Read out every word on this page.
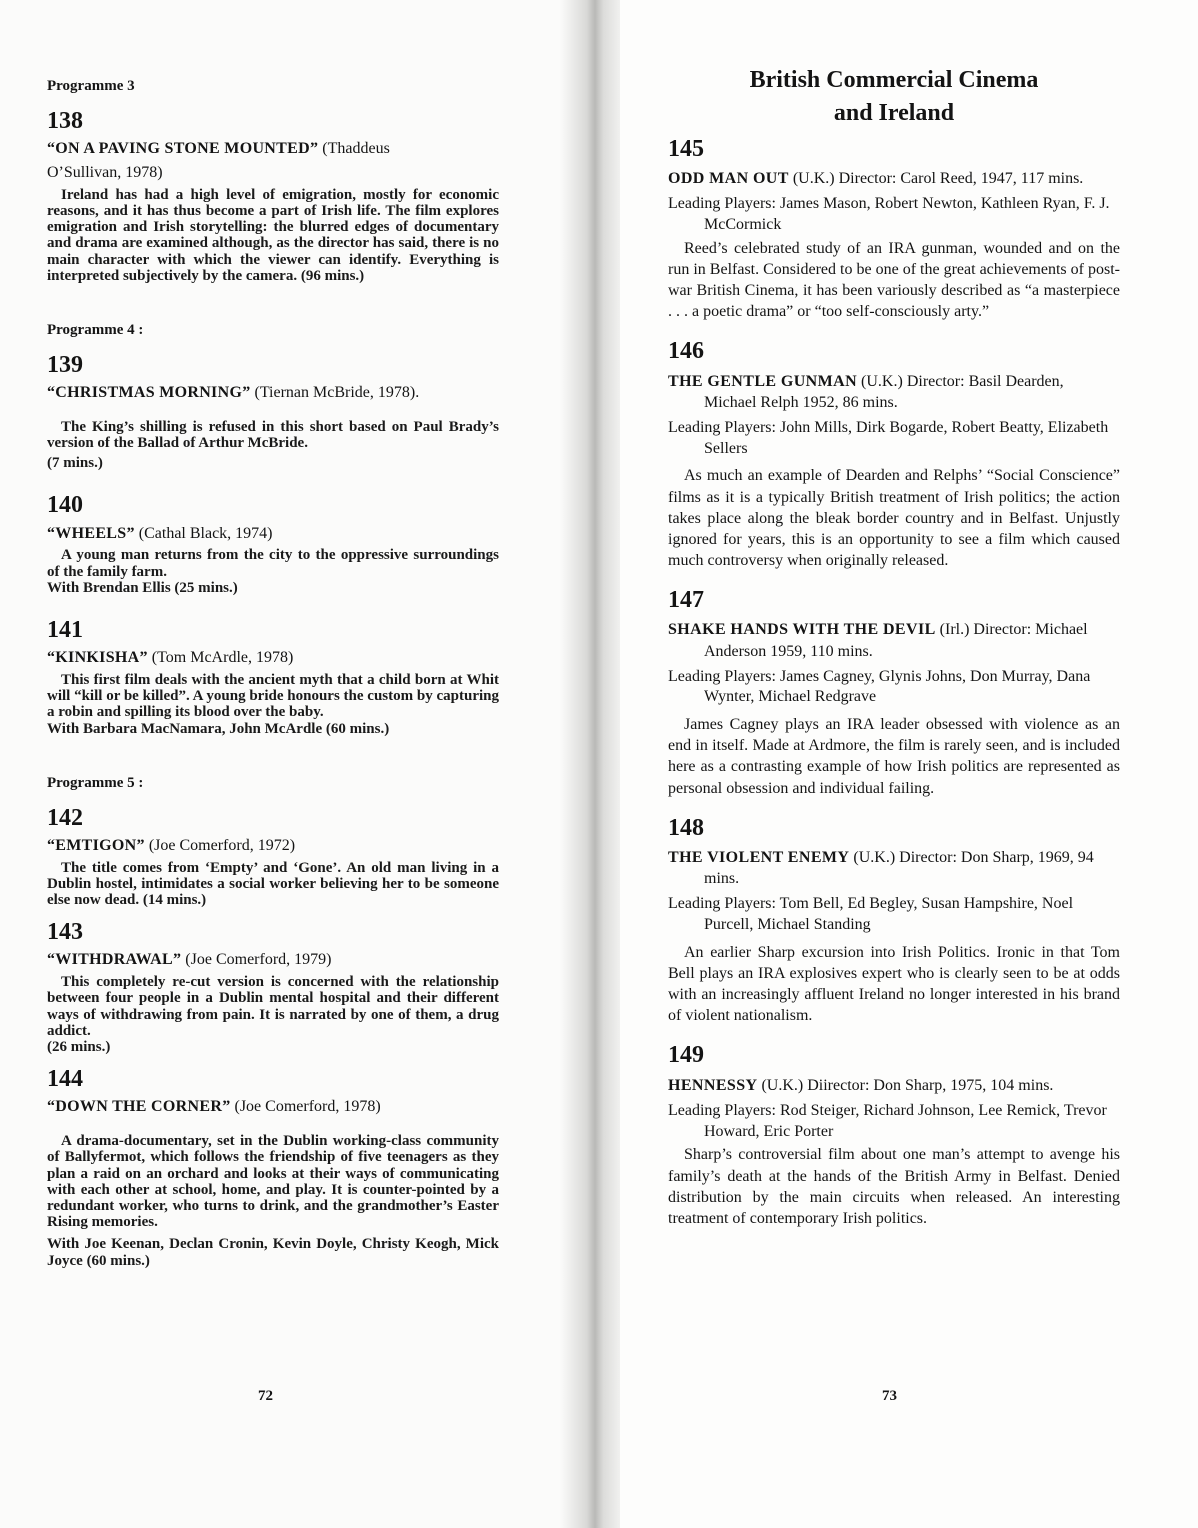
Programme 3

138

“ON A PAVING STONE MOUNTED” (Thaddeus

O’Sullivan, 1978)

Ireland has had a high level of emigration, mostly for economic reasons, and it has thus become a part of Irish life. The film explores emigration and Irish storytelling: the blurred edges of documentary and drama are examined although, as the director has said, there is no main character with which the viewer can identify. Everything is interpreted subjectively by the camera. (96 mins.)

Programme 4 :

139

“CHRISTMAS MORNING” (Tiernan McBride, 1978).

The King’s shilling is refused in this short based on Paul Brady’s version of the Ballad of Arthur McBride.

(7 mins.)

140

“WHEELS” (Cathal Black, 1974)

A young man returns from the city to the oppressive surroundings of the family farm.

With Brendan Ellis (25 mins.)

141

“KINKISHA” (Tom McArdle, 1978)

This first film deals with the ancient myth that a child born at Whit will “kill or be killed”. A young bride honours the custom by capturing a robin and spilling its blood over the baby.

With Barbara MacNamara, John McArdle (60 mins.)

Programme 5 :

142

“EMTIGON” (Joe Comerford, 1972)

The title comes from ‘Empty’ and ‘Gone’. An old man living in a Dublin hostel, intimidates a social worker believing her to be someone else now dead. (14 mins.)

143

“WITHDRAWAL” (Joe Comerford, 1979)

This completely re-cut version is concerned with the relationship between four people in a Dublin mental hospital and their different ways of withdrawing from pain. It is narrated by one of them, a drug addict.

(26 mins.)

144

“DOWN THE CORNER” (Joe Comerford, 1978)

A drama-documentary, set in the Dublin working-class community of Ballyfermot, which follows the friendship of five teenagers as they plan a raid on an orchard and looks at their ways of communicating with each other at school, home, and play. It is counter-pointed by a redundant worker, who turns to drink, and the grandmother’s Easter Rising memories.

With Joe Keenan, Declan Cronin, Kevin Doyle, Christy Keogh, Mick Joyce (60 mins.)

72
British Commercial Cinema
and Ireland

145

ODD MAN OUT (U.K.) Director: Carol Reed, 1947, 117 mins.

Leading Players: James Mason, Robert Newton, Kathleen Ryan, F. J. McCormick

Reed’s celebrated study of an IRA gunman, wounded and on the run in Belfast. Considered to be one of the great achievements of post-war British Cinema, it has been variously described as “a masterpiece . . . a poetic drama” or “too self-consciously arty.”

146

THE GENTLE GUNMAN (U.K.) Director: Basil Dearden, Michael Relph 1952, 86 mins.

Leading Players: John Mills, Dirk Bogarde, Robert Beatty, Elizabeth Sellers

As much an example of Dearden and Relphs’ “Social Conscience” films as it is a typically British treatment of Irish politics; the action takes place along the bleak border country and in Belfast. Unjustly ignored for years, this is an opportunity to see a film which caused much controversy when originally released.

147

SHAKE HANDS WITH THE DEVIL (Irl.) Director: Michael Anderson 1959, 110 mins.

Leading Players: James Cagney, Glynis Johns, Don Murray, Dana Wynter, Michael Redgrave

James Cagney plays an IRA leader obsessed with violence as an end in itself. Made at Ardmore, the film is rarely seen, and is included here as a contrasting example of how Irish politics are represented as personal obsession and individual failing.

148

THE VIOLENT ENEMY (U.K.) Director: Don Sharp, 1969, 94 mins.

Leading Players: Tom Bell, Ed Begley, Susan Hampshire, Noel Purcell, Michael Standing

An earlier Sharp excursion into Irish Politics. Ironic in that Tom Bell plays an IRA explosives expert who is clearly seen to be at odds with an increasingly affluent Ireland no longer interested in his brand of violent nationalism.

149

HENNESSY (U.K.) Diirector: Don Sharp, 1975, 104 mins.

Leading Players: Rod Steiger, Richard Johnson, Lee Remick, Trevor Howard, Eric Porter

Sharp’s controversial film about one man’s attempt to avenge his family’s death at the hands of the British Army in Belfast. Denied distribution by the main circuits when released. An interesting treatment of contemporary Irish politics.

73
